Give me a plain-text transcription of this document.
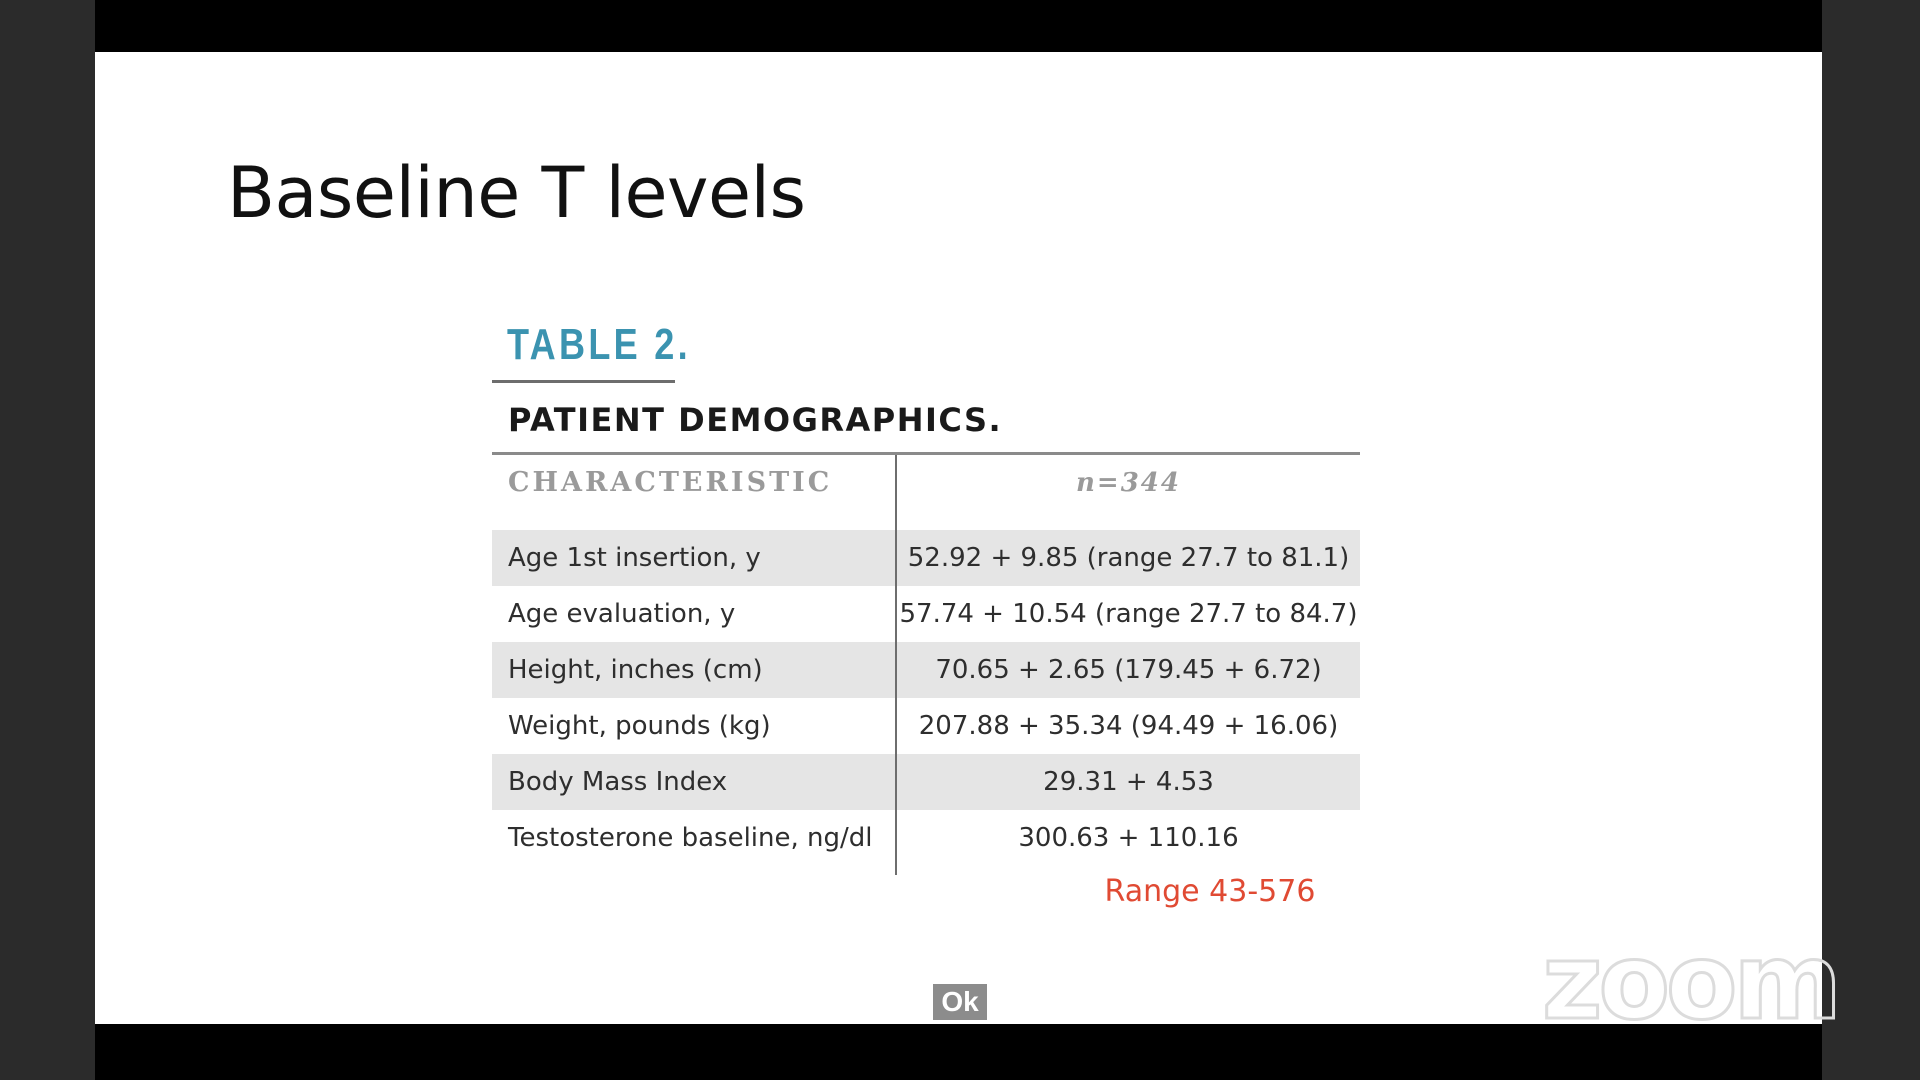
Baseline T levels
TABLE 2.
PATIENT DEMOGRAPHICS.
CHARACTERISTIC	n=344
Age 1st insertion, y	52.92 + 9.85 (range 27.7 to 81.1)
Age evaluation, y	57.74 + 10.54 (range 27.7 to 84.7)
Height, inches (cm)	70.65 + 2.65 (179.45 + 6.72)
Weight, pounds (kg)	207.88 + 35.34 (94.49 + 16.06)
Body Mass Index	29.31 + 4.53
Testosterone baseline, ng/dl	300.63 + 110.16
Range 43-576
Ok	zoom
